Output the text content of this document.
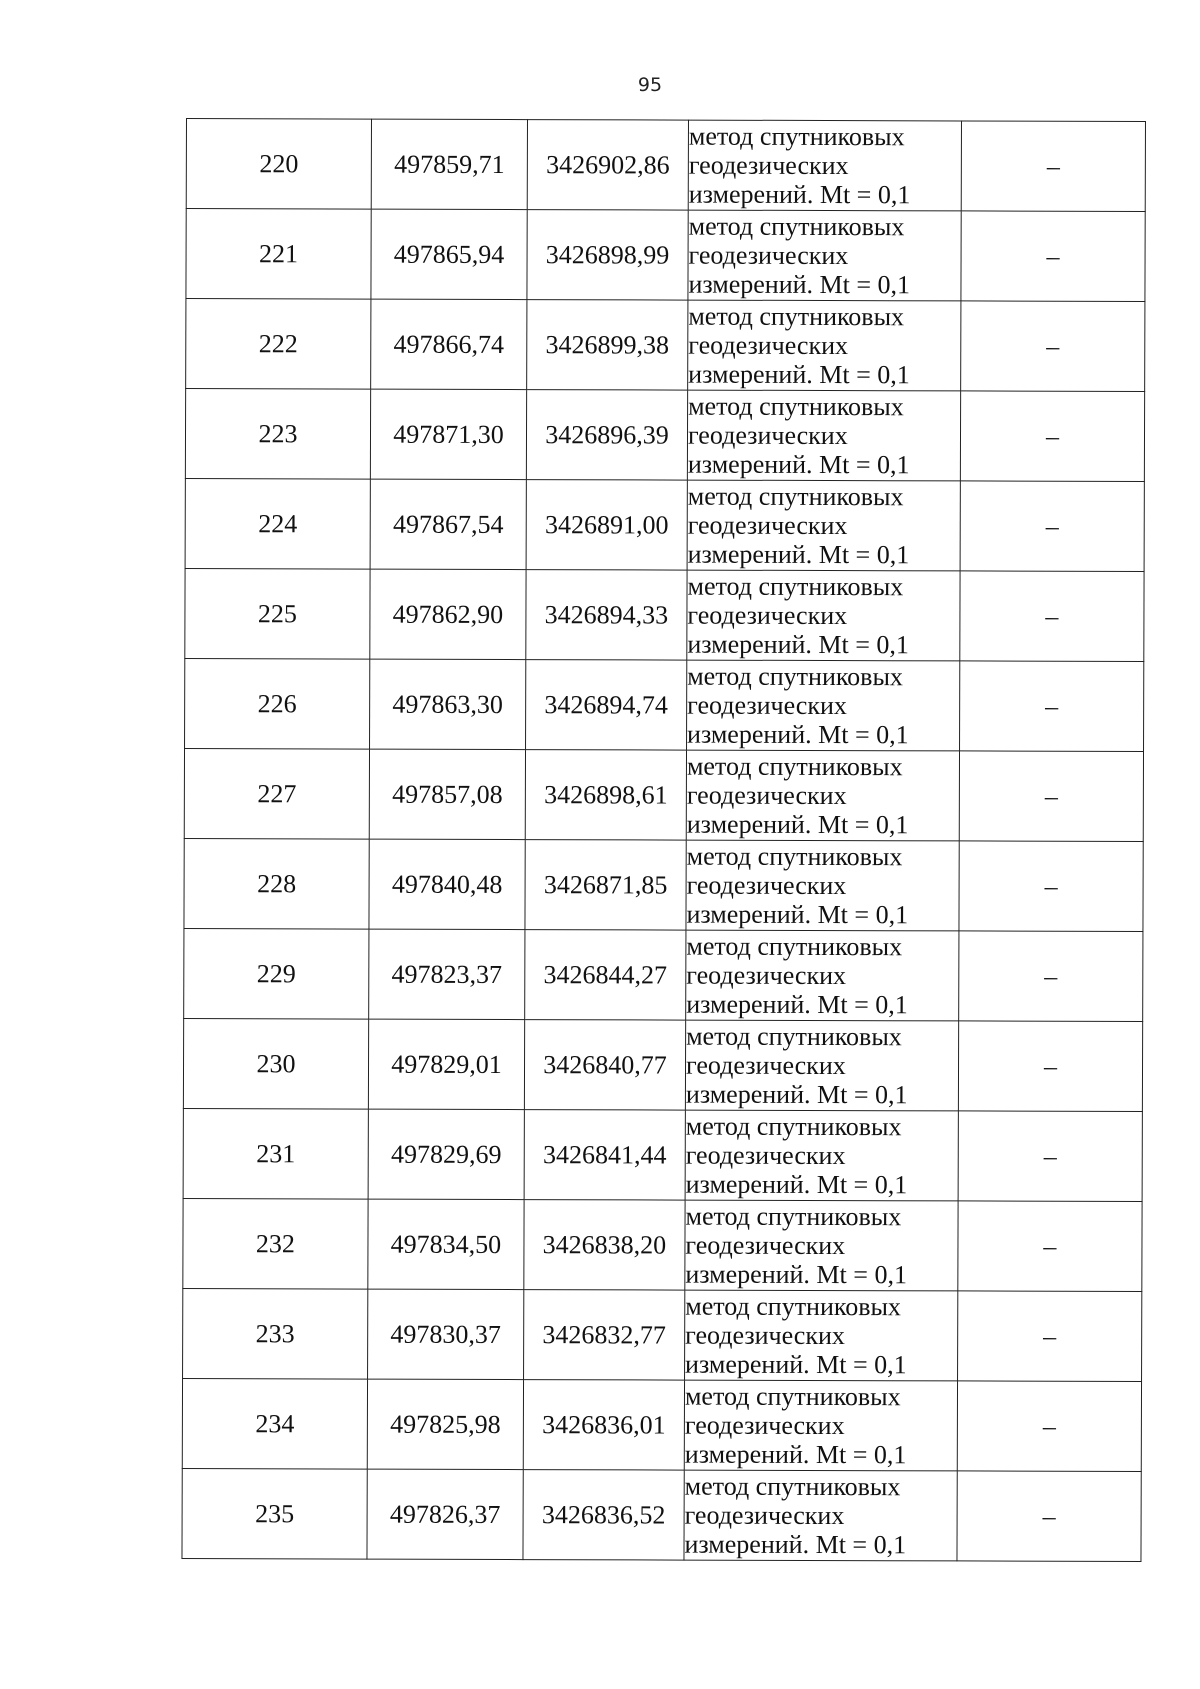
95
220	497859,71	3426902,86	метод спутниковых
геодезических
измерений. Mt = 0,1	–
221	497865,94	3426898,99	метод спутниковых
геодезических
измерений. Mt = 0,1	–
222	497866,74	3426899,38	метод спутниковых
геодезических
измерений. Mt = 0,1	–
223	497871,30	3426896,39	метод спутниковых
геодезических
измерений. Mt = 0,1	–
224	497867,54	3426891,00	метод спутниковых
геодезических
измерений. Mt = 0,1	–
225	497862,90	3426894,33	метод спутниковых
геодезических
измерений. Mt = 0,1	–
226	497863,30	3426894,74	метод спутниковых
геодезических
измерений. Mt = 0,1	–
227	497857,08	3426898,61	метод спутниковых
геодезических
измерений. Mt = 0,1	–
228	497840,48	3426871,85	метод спутниковых
геодезических
измерений. Mt = 0,1	–
229	497823,37	3426844,27	метод спутниковых
геодезических
измерений. Mt = 0,1	–
230	497829,01	3426840,77	метод спутниковых
геодезических
измерений. Mt = 0,1	–
231	497829,69	3426841,44	метод спутниковых
геодезических
измерений. Mt = 0,1	–
232	497834,50	3426838,20	метод спутниковых
геодезических
измерений. Mt = 0,1	–
233	497830,37	3426832,77	метод спутниковых
геодезических
измерений. Mt = 0,1	–
234	497825,98	3426836,01	метод спутниковых
геодезических
измерений. Mt = 0,1	–
235	497826,37	3426836,52	метод спутниковых
геодезических
измерений. Mt = 0,1	–
